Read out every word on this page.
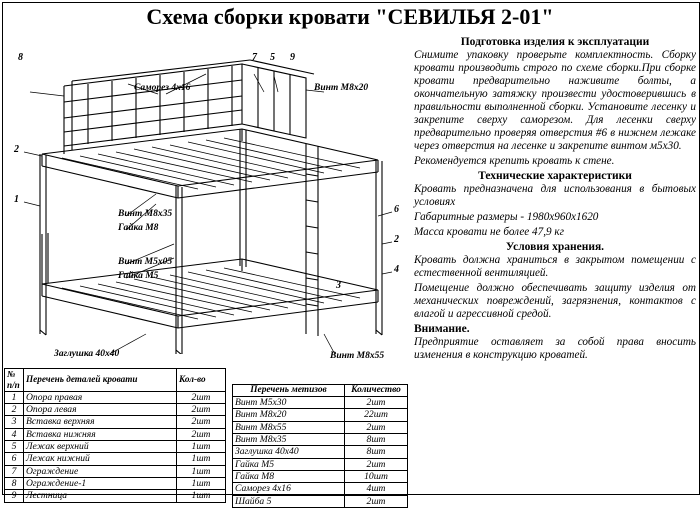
Схема сборки кровати "СЕВИЛЬЯ 2-01"
Саморез 4х16	Винт М8х20
Винт М8х35
Гайка М8
Винт М5х05
Гайка М5
Заглушка 40х40	Винт М8х55
8	7 5 9
2
1
6
2
4
3
Подготовка изделия к эксплуатации

Снимите упаковку проверьте комплектность. Сборку кровати производить строго по схеме сборки.При сборке кровати предварительно наживите болты, а окончательную затяжку произвести удостоверившись в правильности выполненной сборки. Установите лесенку и закрепите сверху саморезом. Для лесенки сверху предварительно проверяя отверстия #6 в нижнем лежаке через отверстия на лесенке и закрепите винтом м5х30.

Рекомендуется крепить кровать к стене.

Технические характеристики

Кровать предназначена для использования в бытовых условиях

Габаритные размеры - 1980x960x1620

Масса кровати не более 47,9 кг

Условия хранения.

Кровать должна храниться в закрытом помещении с естественной вентиляцией.

Помещение должно обеспечивать защиту изделия от механических повреждений, загрязнения, контактов с влагой и агрессивной средой.

Внимание.

Предприятие оставляет за собой права вносить изменения в конструкцию кроватей.

№ п/п	Перечень деталей кровати	Кол-во
1	Опора правая	2шт
2	Опора левая	2шт
3	Вставка верхняя	2шт
4	Вставка нижняя	2шт
5	Лежак верхний	1шт
6	Лежак нижний	1шт
7	Ограждение	1шт
8	Ограждение-1	1шт
9	Лестница	1шт
Перечень метизов	Количество
Винт М5х30	2шт
Винт М8х20	22шт
Винт М8х55	2шт
Винт М8х35	8шт
Заглушка 40х40	8шт
Гайка М5	2шт
Гайка М8	10шт
Саморез 4х16	4шт
Шайба 5	2шт
